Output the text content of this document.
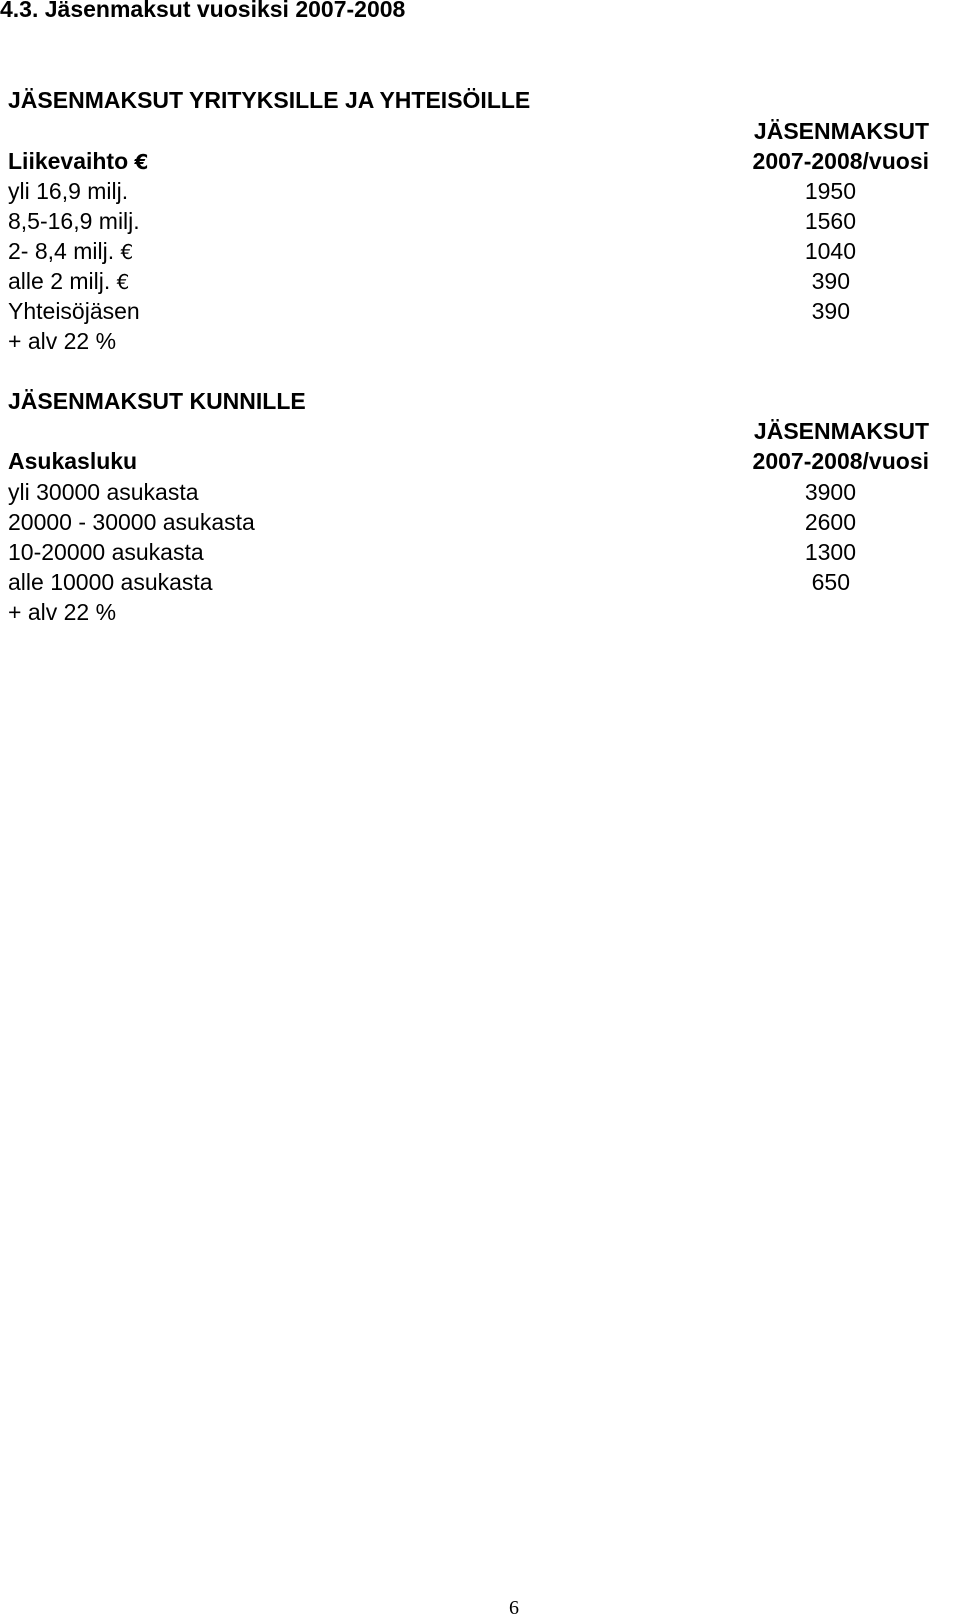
4.3. Jäsenmaksut vuosiksi 2007-2008
JÄSENMAKSUT YRITYKSILLE JA YHTEISÖILLE
JÄSENMAKSUT
Liikevaihto €	2007-2008/vuosi
yli 16,9 milj.	1950
8,5-16,9 milj.	1560
2- 8,4 milj. €	1040
alle 2 milj. €	390
Yhteisöjäsen	390
+ alv 22 %
JÄSENMAKSUT KUNNILLE
JÄSENMAKSUT
Asukasluku	2007-2008/vuosi
yli 30000 asukasta	3900
20000 - 30000 asukasta	2600
10-20000 asukasta	1300
alle 10000 asukasta	650
+ alv 22 %
6
